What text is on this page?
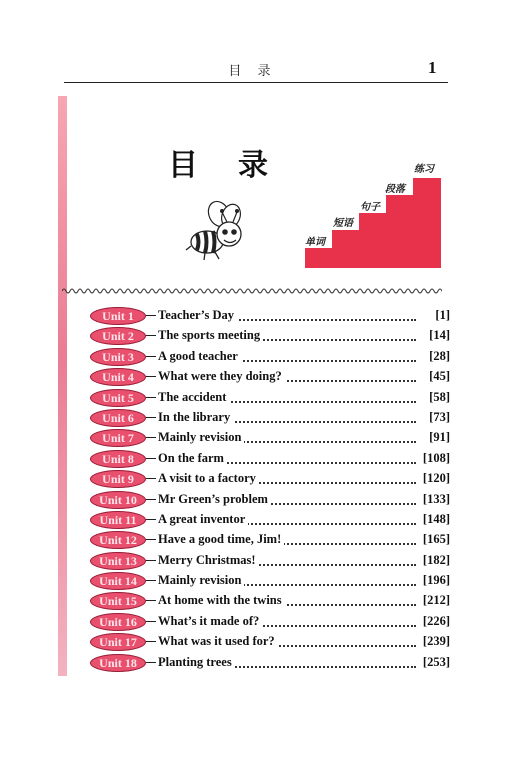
目 录	1
目 录
单词
短语
句子
段落
练习
Unit 1	Teacher’s Day	[1]
Unit 2	The sports meeting	[14]
Unit 3	A good teacher	[28]
Unit 4	What were they doing?	[45]
Unit 5	The accident	[58]
Unit 6	In the library	[73]
Unit 7	Mainly revision	[91]
Unit 8	On the farm	[108]
Unit 9	A visit to a factory	[120]
Unit 10	Mr Green’s problem	[133]
Unit 11	A great inventor	[148]
Unit 12	Have a good time, Jim!	[165]
Unit 13	Merry Christmas!	[182]
Unit 14	Mainly revision	[196]
Unit 15	At home with the twins	[212]
Unit 16	What’s it made of?	[226]
Unit 17	What was it used for?	[239]
Unit 18	Planting trees	[253]
